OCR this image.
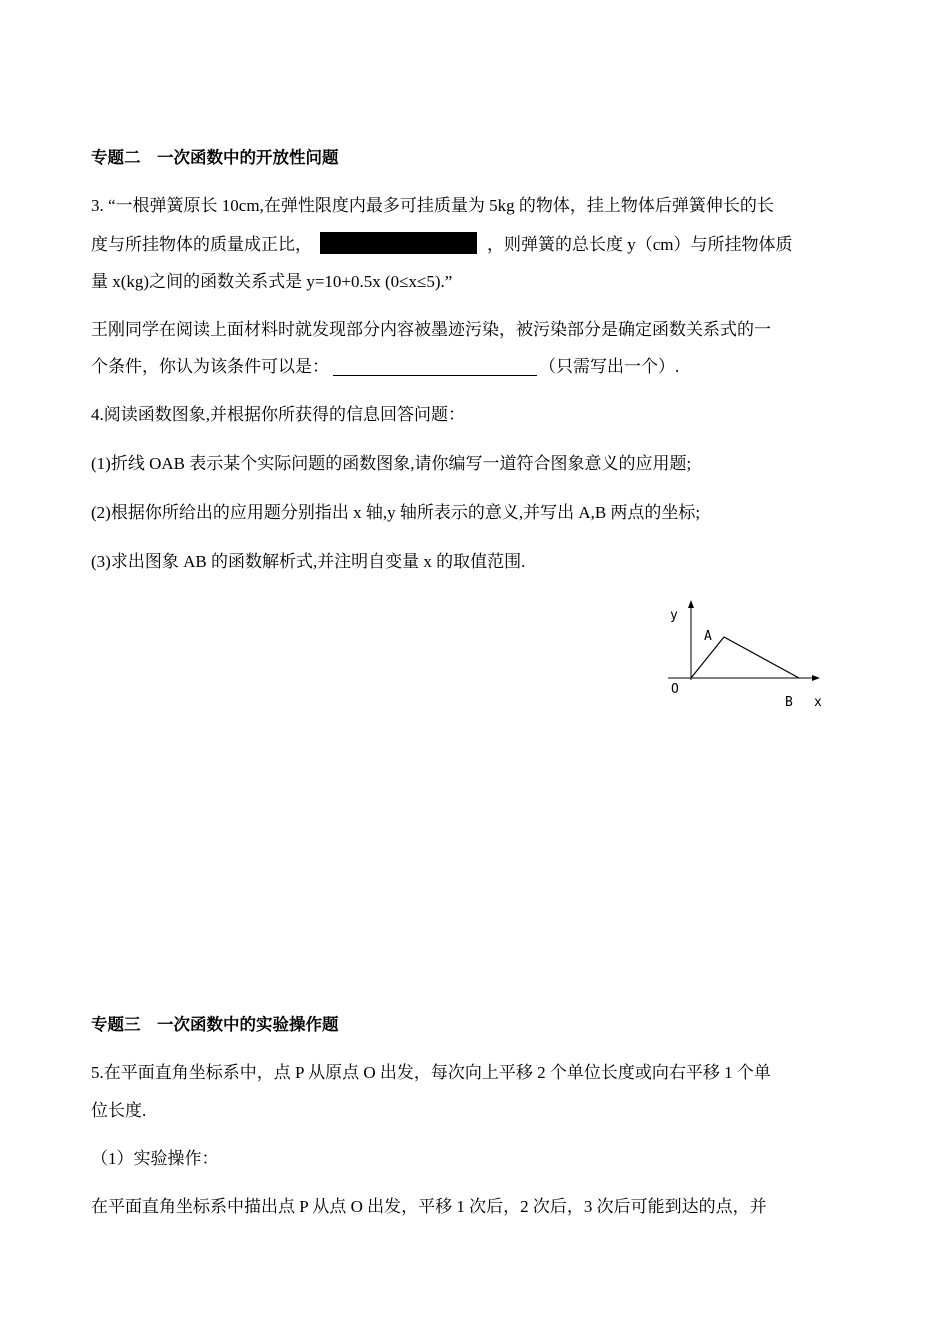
专题二　一次函数中的开放性问题
3. “一根弹簧原长 10cm,在弹性限度内最多可挂质量为 5kg 的物体，挂上物体后弹簧伸长的长
度与所挂物体的质量成正比，	，则弹簧的总长度 y（cm）与所挂物体质
量 x(kg)之间的函数关系式是 y=10+0.5x (0≤x≤5).”
王刚同学在阅读上面材料时就发现部分内容被墨迹污染，被污染部分是确定函数关系式的一
个条件，你认为该条件可以是：	（只需写出一个）.
4.阅读函数图象,并根据你所获得的信息回答问题：
(1)折线 OAB 表示某个实际问题的函数图象,请你编写一道符合图象意义的应用题;
(2)根据你所给出的应用题分别指出 x 轴,y 轴所表示的意义,并写出 A,B 两点的坐标;
(3)求出图象 AB 的函数解析式,并注明自变量 x 的取值范围.
y
A
O
B x
专题三　一次函数中的实验操作题
5.在平面直角坐标系中，点 P 从原点 O 出发，每次向上平移 2 个单位长度或向右平移 1 个单
位长度.
（1）实验操作：
在平面直角坐标系中描出点 P 从点 O 出发，平移 1 次后，2 次后，3 次后可能到达的点，并
